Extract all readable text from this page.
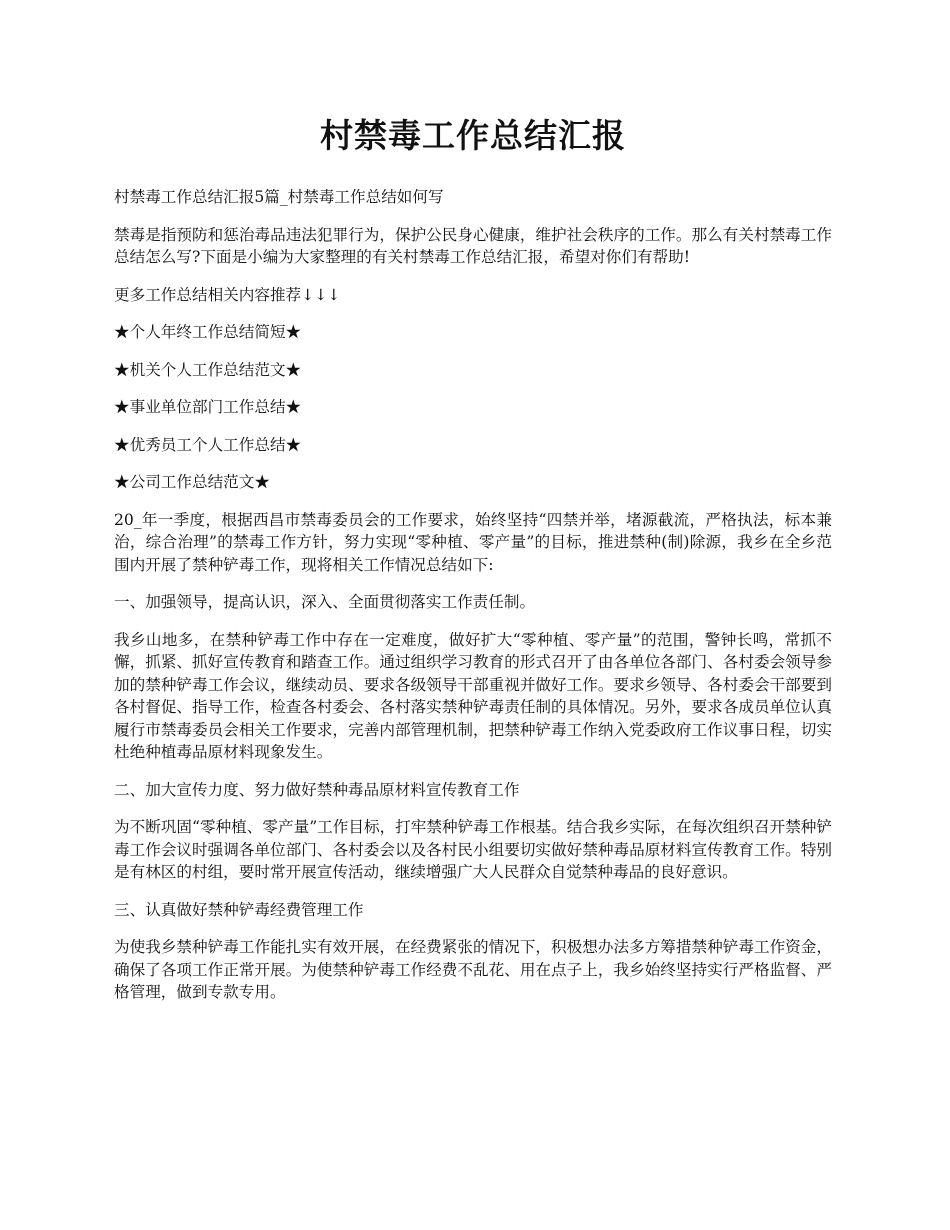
村禁毒工作总结汇报

村禁毒工作总结汇报5篇_村禁毒工作总结如何写

禁毒是指预防和惩治毒品违法犯罪行为，保护公民身心健康，维护社会秩序的工作。那么有关村禁毒工作总结怎么写?下面是小编为大家整理的有关村禁毒工作总结汇报，希望对你们有帮助!

更多工作总结相关内容推荐↓↓↓

★个人年终工作总结简短★

★机关个人工作总结范文★

★事业单位部门工作总结★

★优秀员工个人工作总结★

★公司工作总结范文★

20_年一季度，根据西昌市禁毒委员会的工作要求，始终坚持“四禁并举，堵源截流，严格执法，标本兼治，综合治理”的禁毒工作方针，努力实现“零种植、零产量”的目标，推进禁种(制)除源，我乡在全乡范围内开展了禁种铲毒工作，现将相关工作情况总结如下:

一、加强领导，提高认识，深入、全面贯彻落实工作责任制。

我乡山地多，在禁种铲毒工作中存在一定难度，做好扩大“零种植、零产量”的范围，警钟长鸣，常抓不懈，抓紧、抓好宣传教育和踏查工作。通过组织学习教育的形式召开了由各单位各部门、各村委会领导参加的禁种铲毒工作会议，继续动员、要求各级领导干部重视并做好工作。要求乡领导、各村委会干部要到各村督促、指导工作，检查各村委会、各村落实禁种铲毒责任制的具体情况。另外，要求各成员单位认真履行市禁毒委员会相关工作要求，完善内部管理机制，把禁种铲毒工作纳入党委政府工作议事日程，切实杜绝种植毒品原材料现象发生。

二、加大宣传力度、努力做好禁种毒品原材料宣传教育工作

为不断巩固“零种植、零产量”工作目标，打牢禁种铲毒工作根基。结合我乡实际，在每次组织召开禁种铲毒工作会议时强调各单位部门、各村委会以及各村民小组要切实做好禁种毒品原材料宣传教育工作。特别是有林区的村组，要时常开展宣传活动，继续增强广大人民群众自觉禁种毒品的良好意识。

三、认真做好禁种铲毒经费管理工作

为使我乡禁种铲毒工作能扎实有效开展，在经费紧张的情况下，积极想办法多方筹措禁种铲毒工作资金，确保了各项工作正常开展。为使禁种铲毒工作经费不乱花、用在点子上，我乡始终坚持实行严格监督、严格管理，做到专款专用。
